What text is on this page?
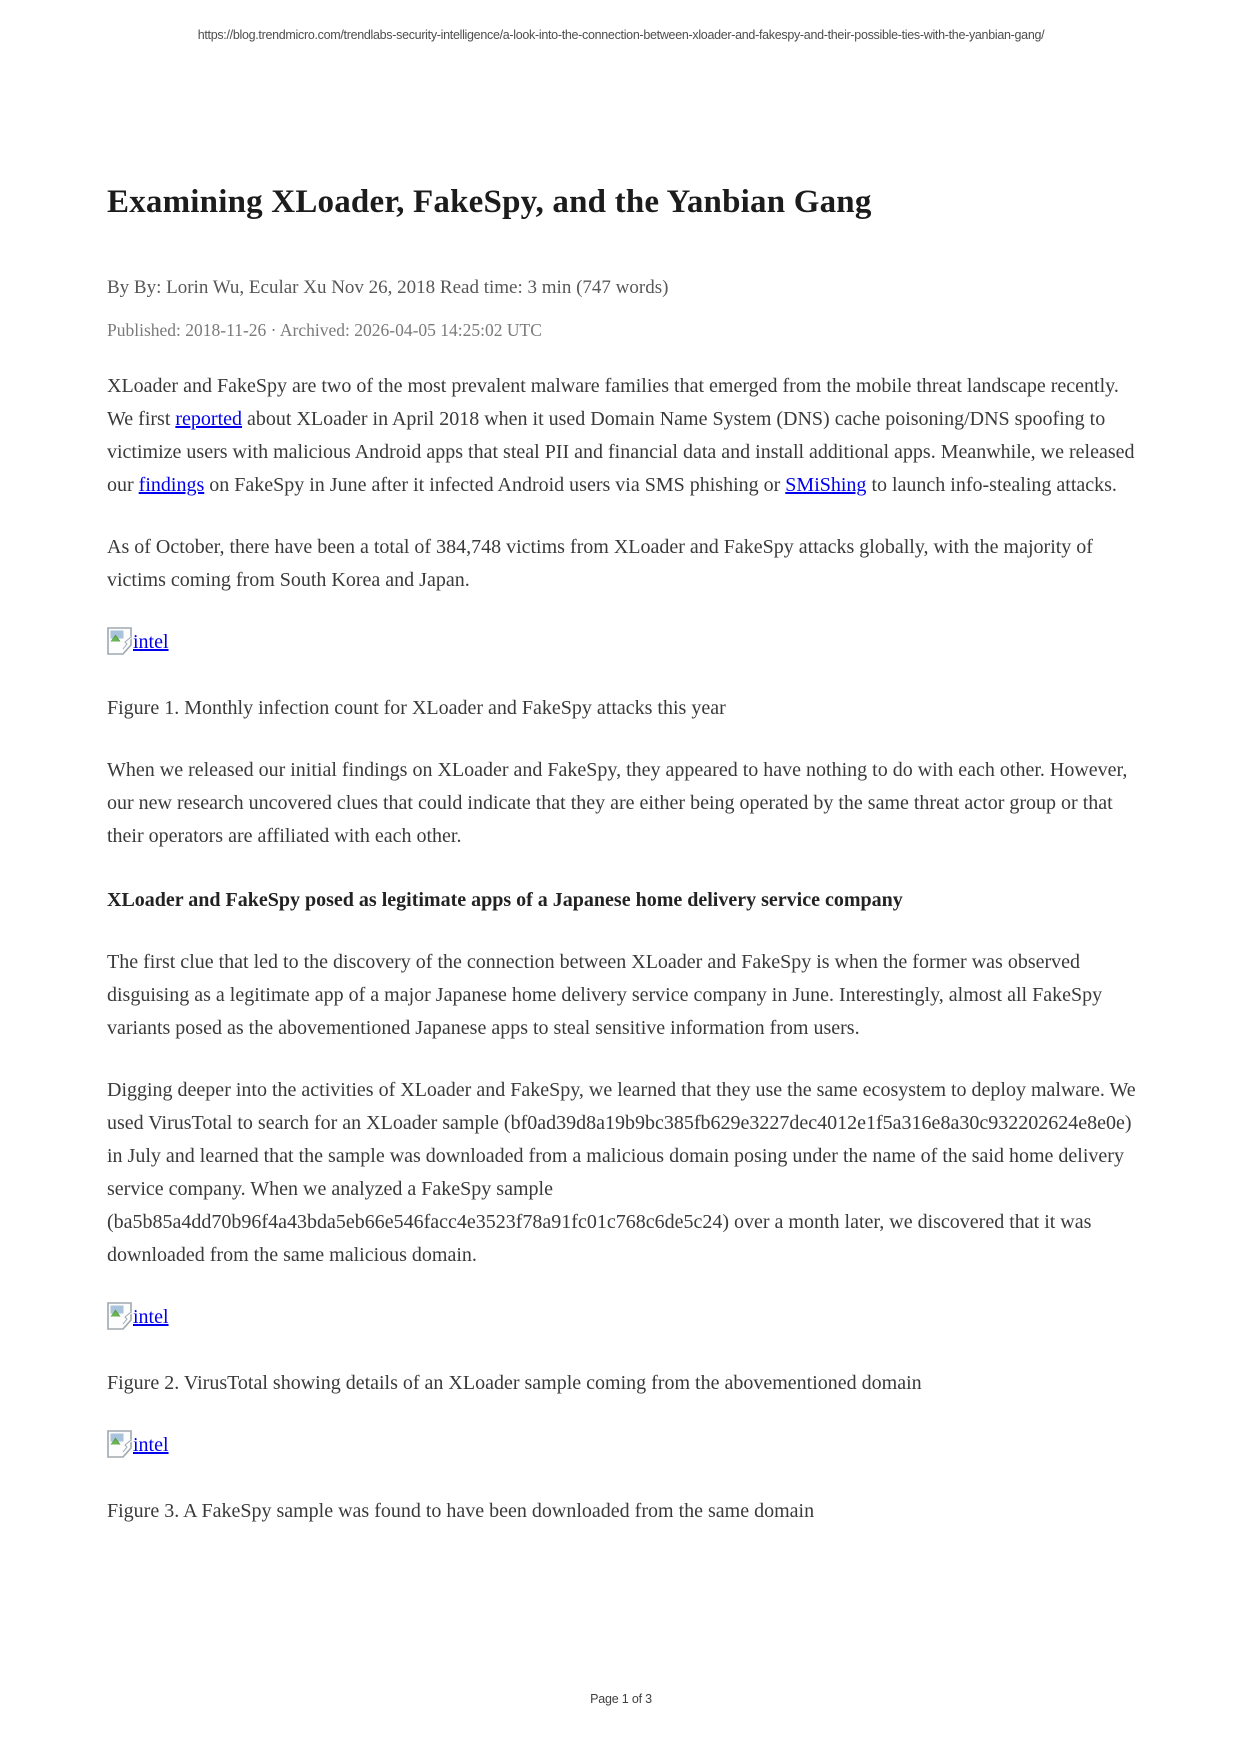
https://blog.trendmicro.com/trendlabs-security-intelligence/a-look-into-the-connection-between-xloader-and-fakespy-and-their-possible-ties-with-the-yanbian-gang/
Examining XLoader, FakeSpy, and the Yanbian Gang
By By: Lorin Wu, Ecular Xu Nov 26, 2018 Read time: 3 min (747 words)
Published: 2018-11-26 · Archived: 2026-04-05 14:25:02 UTC

XLoader and FakeSpy are two of the most prevalent malware families that emerged from the mobile threat landscape recently. We first reported about XLoader in April 2018 when it used Domain Name System (DNS) cache poisoning/DNS spoofing to victimize users with malicious Android apps that steal PII and financial data and install additional apps. Meanwhile, we released our findings on FakeSpy in June after it infected Android users via SMS phishing or SMiShing to launch info-stealing attacks.

As of October, there have been a total of 384,748 victims from XLoader and FakeSpy attacks globally, with the majority of victims coming from South Korea and Japan.

intel

Figure 1. Monthly infection count for XLoader and FakeSpy attacks this year

When we released our initial findings on XLoader and FakeSpy, they appeared to have nothing to do with each other. However, our new research uncovered clues that could indicate that they are either being operated by the same threat actor group or that their operators are affiliated with each other.

XLoader and FakeSpy posed as legitimate apps of a Japanese home delivery service company

The first clue that led to the discovery of the connection between XLoader and FakeSpy is when the former was observed disguising as a legitimate app of a major Japanese home delivery service company in June. Interestingly, almost all FakeSpy variants posed as the abovementioned Japanese apps to steal sensitive information from users.

Digging deeper into the activities of XLoader and FakeSpy, we learned that they use the same ecosystem to deploy malware. We used VirusTotal to search for an XLoader sample (bf0ad39d8a19b9bc385fb629e3227dec4012e1f5a316e8a30c932202624e8e0e) in July and learned that the sample was downloaded from a malicious domain posing under the name of the said home delivery service company. When we analyzed a FakeSpy sample (ba5b85a4dd70b96f4a43bda5eb66e546facc4e3523f78a91fc01c768c6de5c24) over a month later, we discovered that it was downloaded from the same malicious domain.

intel

Figure 2. VirusTotal showing details of an XLoader sample coming from the abovementioned domain

intel

Figure 3. A FakeSpy sample was found to have been downloaded from the same domain

Page 1 of 3
